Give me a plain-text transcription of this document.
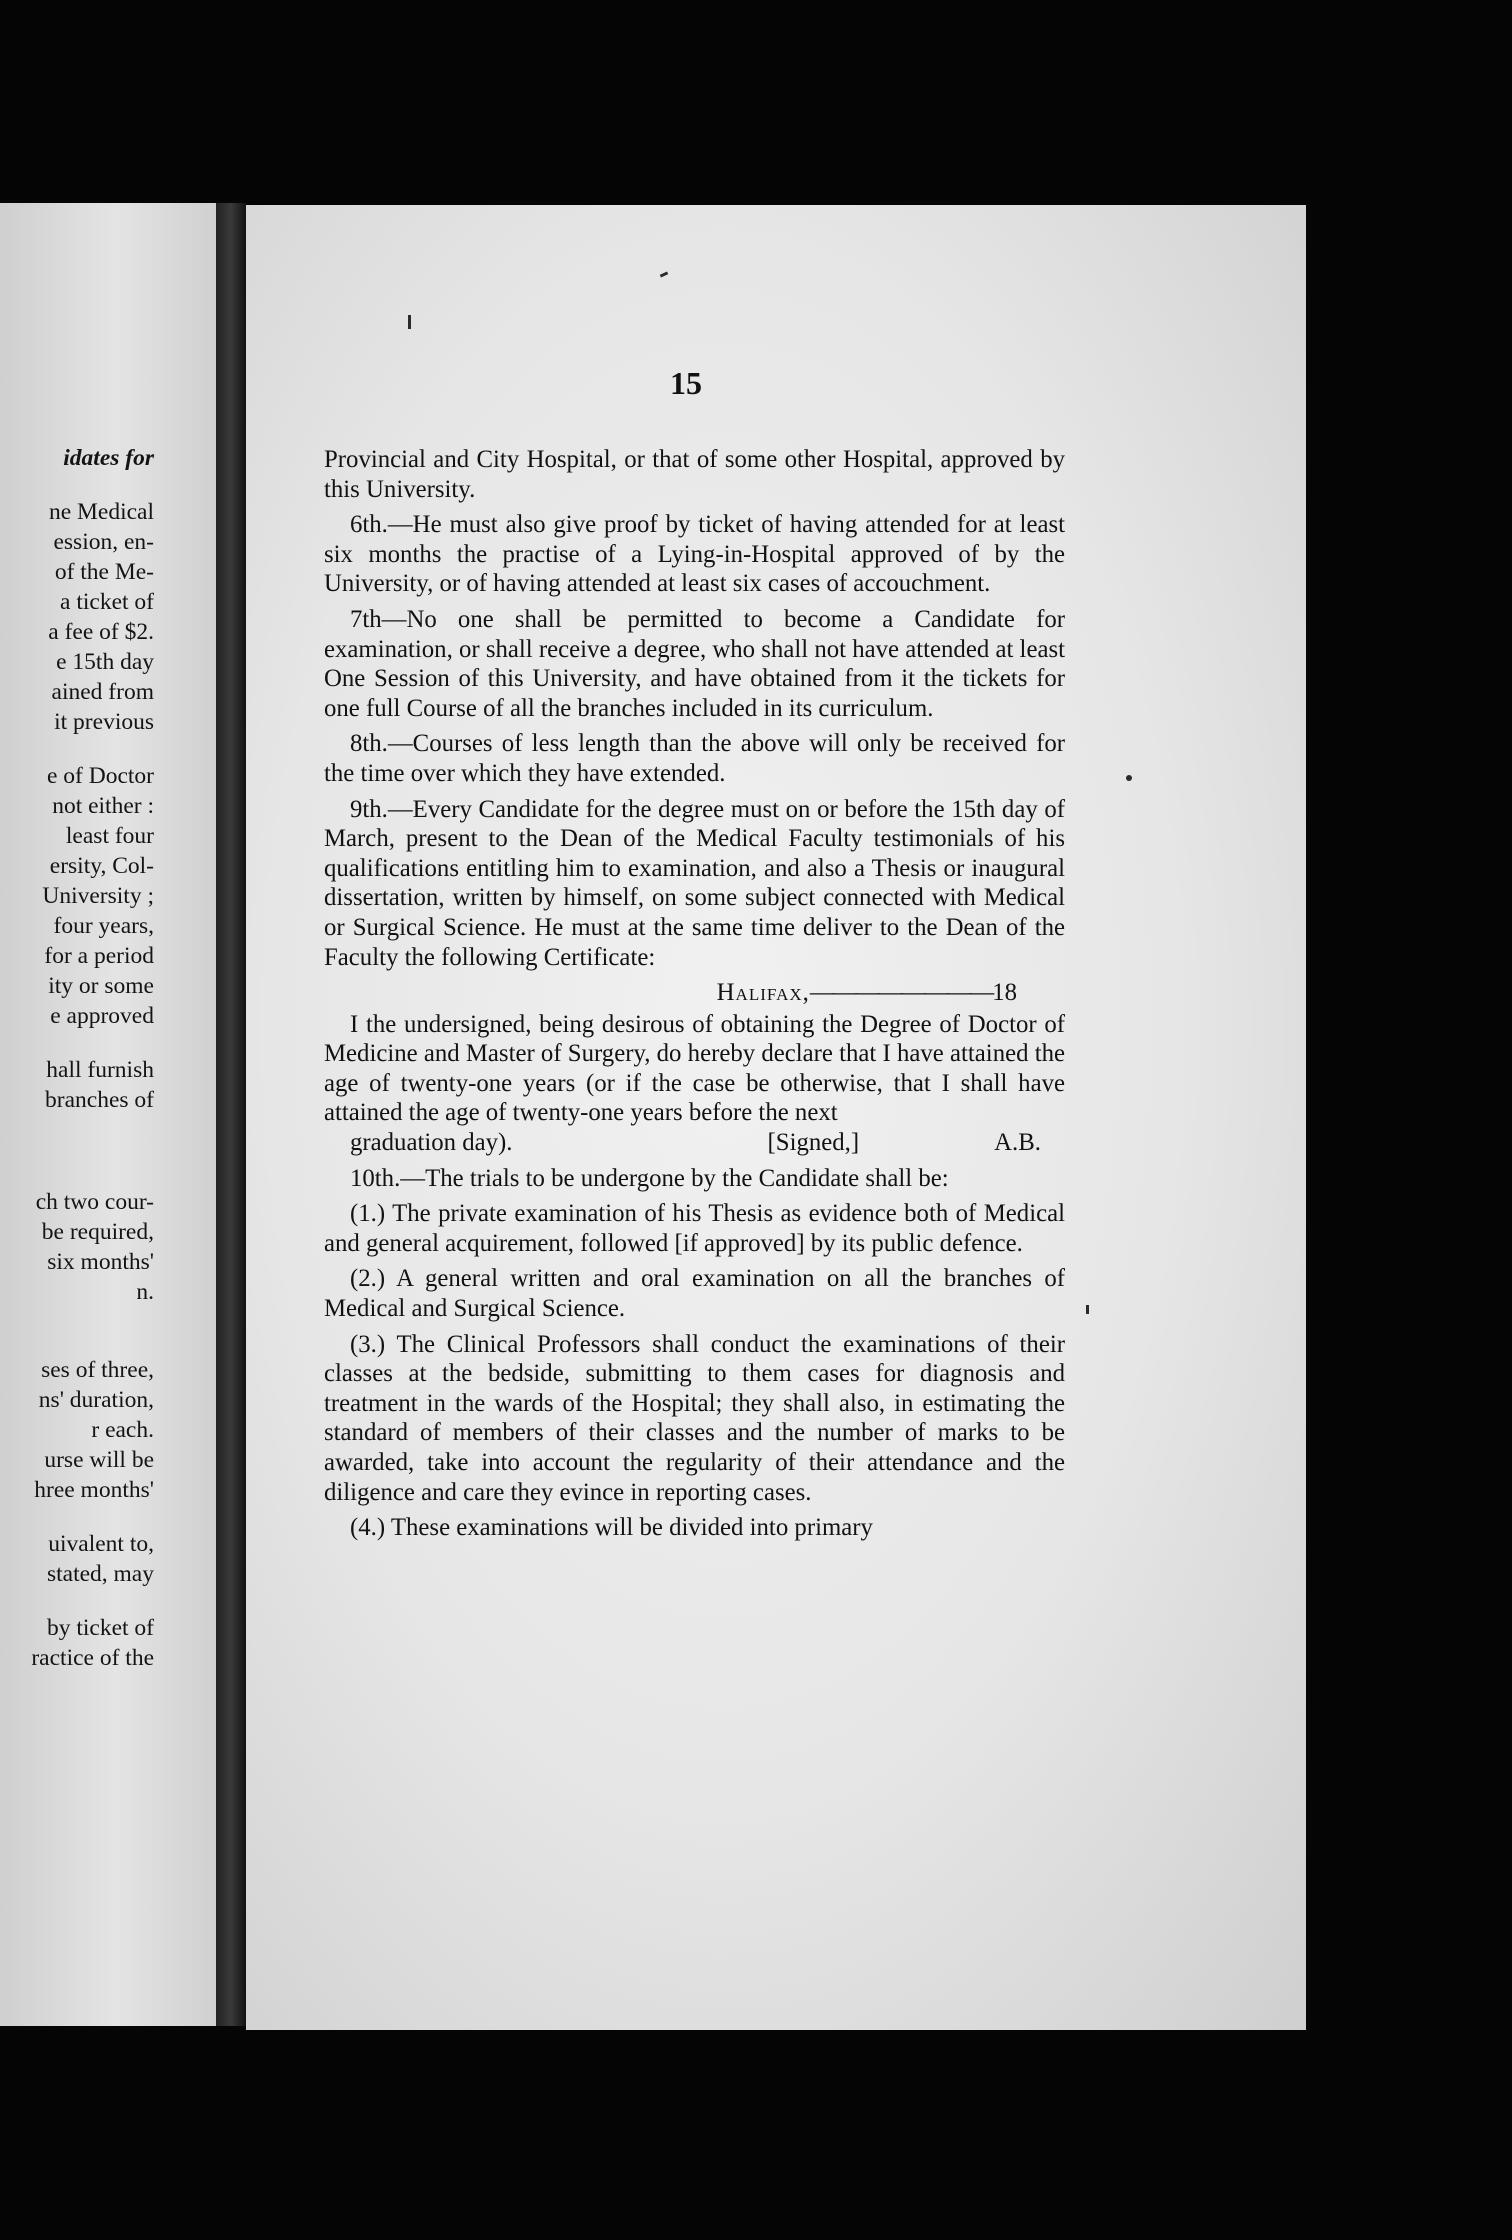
idates for
ne Medical
ession, en-
of the Me-
a ticket of
a fee of $2.
e 15th day
ained from
it previous
e of Doctor
not either :
least four
ersity, Col-
University ;
four years,
for a period
ity or some
e approved
hall furnish
branches of
ch two cour-
be required,
six months'
n.
ses of three,
ns' duration,
r each.
urse will be
hree months'
uivalent to,
stated, may
by ticket of
ractice of the
15

Provincial and City Hospital, or that of some other Hospital, approved by this University.

6th.—He must also give proof by ticket of having attended for at least six months the practise of a Lying-in-Hospital approved of by the University, or of having attended at least six cases of accouchment.

7th—No one shall be permitted to become a Candidate for examination, or shall receive a degree, who shall not have attended at least One Session of this University, and have obtained from it the tickets for one full Course of all the branches included in its curriculum.

8th.—Courses of less length than the above will only be received for the time over which they have extended.

9th.—Every Candidate for the degree must on or before the 15th day of March, present to the Dean of the Medical Faculty testimonials of his qualifications entitling him to examination, and also a Thesis or inaugural dissertation, written by himself, on some subject connected with Medical or Surgical Science. He must at the same time deliver to the Dean of the Faculty the following Certificate:

Halifax,————————18

I the undersigned, being desirous of obtaining the Degree of Doctor of Medicine and Master of Surgery, do hereby declare that I have attained the age of twenty-one years (or if the case be otherwise, that I shall have attained the age of twenty-one years before the next

graduation day).	[Signed,]	A.B.

10th.—The trials to be undergone by the Candidate shall be:

(1.) The private examination of his Thesis as evidence both of Medical and general acquirement, followed [if approved] by its public defence.

(2.) A general written and oral examination on all the branches of Medical and Surgical Science.

(3.) The Clinical Professors shall conduct the examinations of their classes at the bedside, submitting to them cases for diagnosis and treatment in the wards of the Hospital; they shall also, in estimating the standard of members of their classes and the number of marks to be awarded, take into account the regularity of their attendance and the diligence and care they evince in reporting cases.

(4.) These examinations will be divided into primary
